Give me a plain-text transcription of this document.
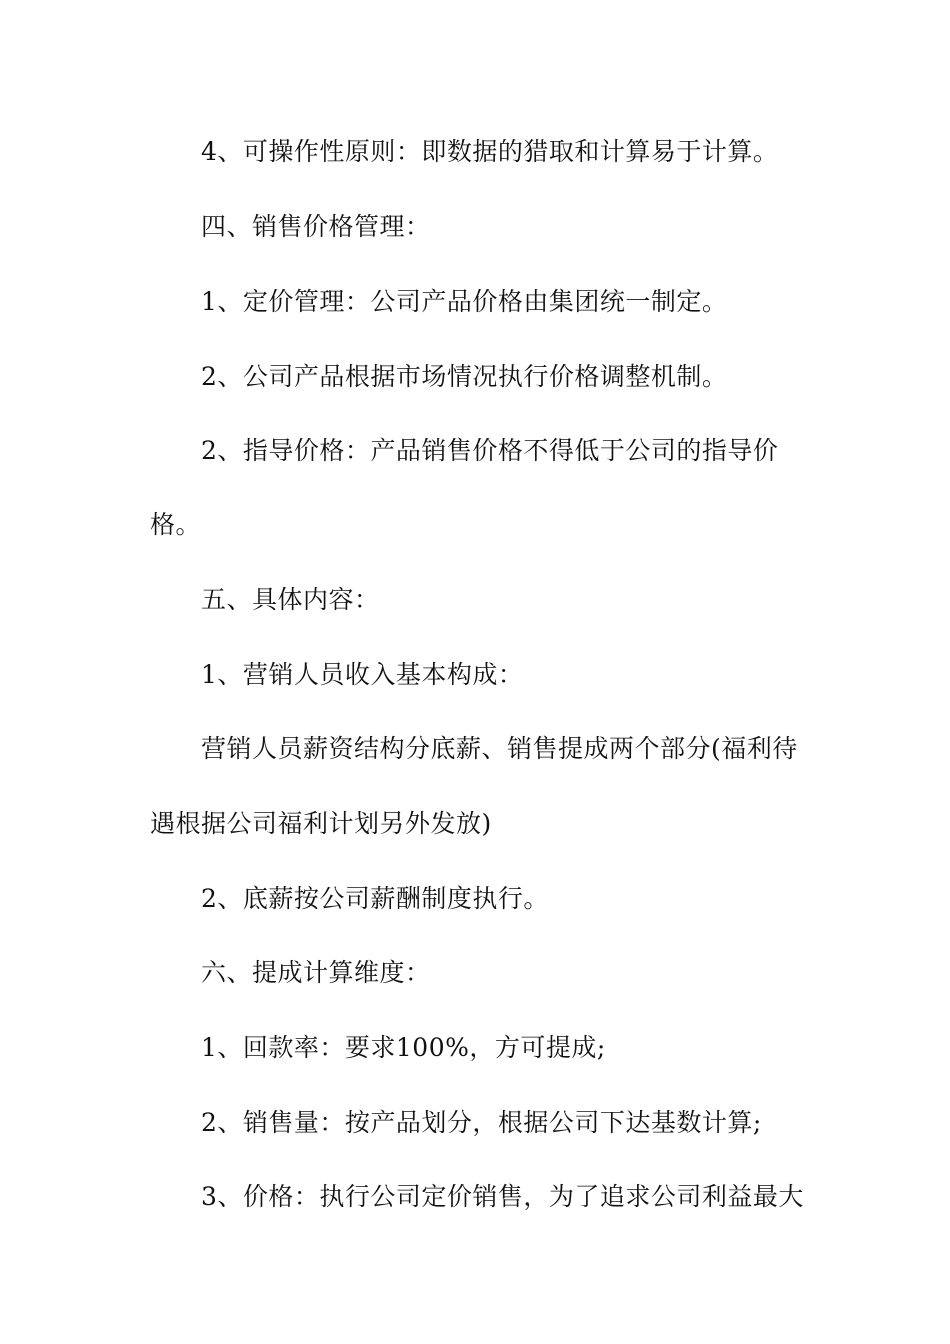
4、可操作性原则：即数据的猎取和计算易于计算。
四、销售价格管理：
1、定价管理：公司产品价格由集团统一制定。
2、公司产品根据市场情况执行价格调整机制。
2、指导价格：产品销售价格不得低于公司的指导价
格。
五、具体内容：
1、营销人员收入基本构成：
营销人员薪资结构分底薪、销售提成两个部分(福利待
遇根据公司福利计划另外发放)
2、底薪按公司薪酬制度执行。
六、提成计算维度：
1、回款率：要求100%，方可提成;
2、销售量：按产品划分，根据公司下达基数计算;
3、价格：执行公司定价销售，为了追求公司利益最大
